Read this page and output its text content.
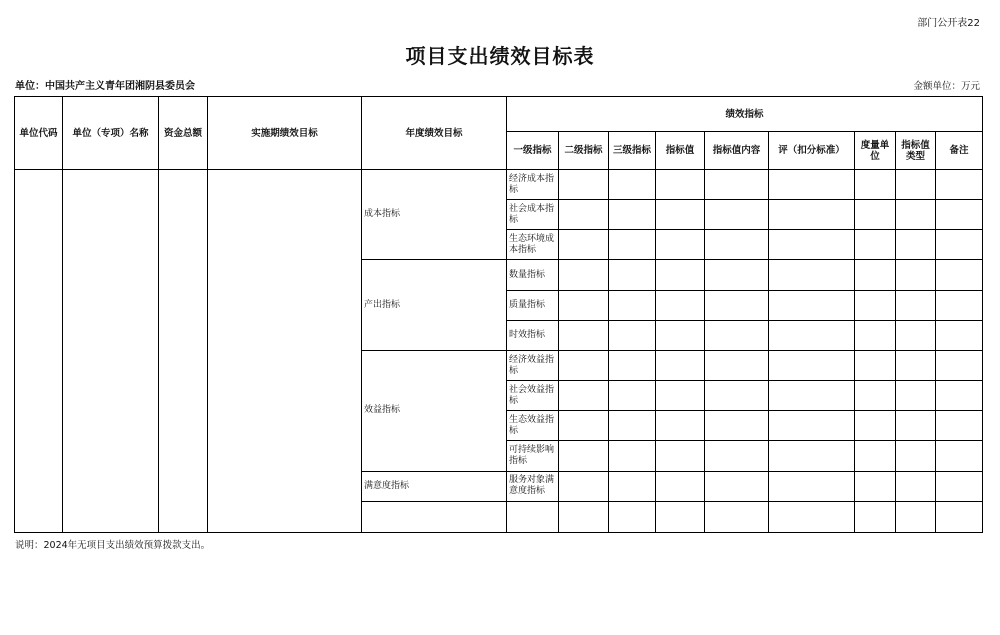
部门公开表22
项目支出绩效目标表
单位：中国共产主义青年团湘阴县委员会	金额单位：万元
单位代码	单位（专项）名称	资金总额	实施期绩效目标	年度绩效目标	绩效指标								
					一级指标	二级指标	三级指标	指标值	指标值内容	评（扣分标准）	度量单位	指标值类型	备注
				成本指标	经济成本指标								
					社会成本指标								
					生态环境成本指标								
				产出指标	数量指标								
					质量指标								
					时效指标								
				效益指标	经济效益指标								
					社会效益指标								
					生态效益指标								
					可持续影响指标								
				满意度指标	服务对象满意度指标								

说明：2024年无项目支出绩效预算拨款支出。
